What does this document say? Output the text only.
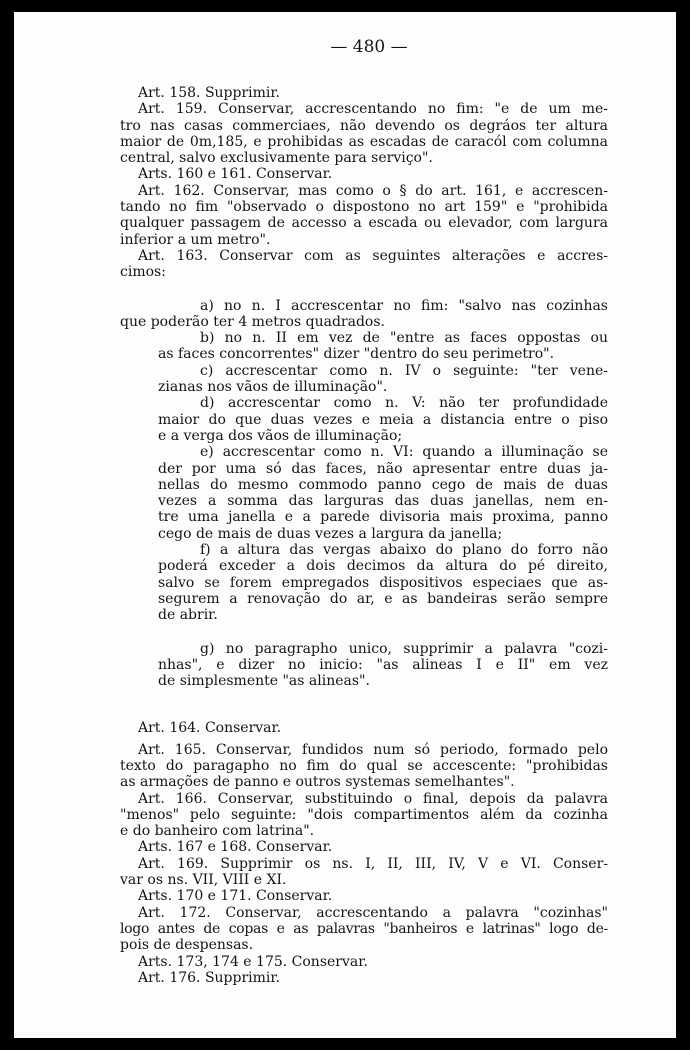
— 480 —

Art. 158. Supprimir.

Art. 159. Conservar, accrescentando no fim: "e de um me-

tro nas casas commerciaes, não devendo os degráos ter altura

maior de 0m,185, e prohibidas as escadas de caracól com columna

central, salvo exclusivamente para serviço".

Arts. 160 e 161. Conservar.

Art. 162. Conservar, mas como o § do art. 161, e accrescen-

tando no fim "observado o dispostono no art 159" e "prohibida

qualquer passagem de accesso a escada ou elevador, com largura

inferior a um metro".

Art. 163. Conservar com as seguintes alterações e accres-

cimos:

a) no n. I accrescentar no fim: "salvo nas cozinhas

que poderão ter 4 metros quadrados.

b) no n. II em vez de "entre as faces oppostas ou

as faces concorrentes" dizer "dentro do seu perimetro".

c) accrescentar como n. IV o seguinte: "ter vene-

zianas nos vãos de illuminação".

d) accrescentar como n. V: não ter profundidade

maior do que duas vezes e meia a distancia entre o piso

e a verga dos vãos de illuminação;

e) accrescentar como n. VI: quando a illuminação se

der por uma só das faces, não apresentar entre duas ja-

nellas do mesmo commodo panno cego de mais de duas

vezes a somma das larguras das duas janellas, nem en-

tre uma janella e a parede divisoria mais proxima, panno

cego de mais de duas vezes a largura da janella;

f) a altura das vergas abaixo do plano do forro não

poderá exceder a dois decimos da altura do pé direito,

salvo se forem empregados dispositivos especiaes que as-

segurem a renovação do ar, e as bandeiras serão sempre

de abrir.

g) no paragrapho unico, supprimir a palavra "cozi-

nhas", e dizer no inicio: "as alineas I e II" em vez

de simplesmente "as alineas".

Art. 164. Conservar.

Art. 165. Conservar, fundidos num só periodo, formado pelo

texto do paragapho no fim do qual se accescente: "prohibidas

as armações de panno e outros systemas semelhantes".

Art. 166. Conservar, substituindo o final, depois da palavra

"menos" pelo seguinte: "dois compartimentos além da cozinha

e do banheiro com latrina".

Arts. 167 e 168. Conservar.

Art. 169. Supprimir os ns. I, II, III, IV, V e VI. Conser-

var os ns. VII, VIII e XI.

Arts. 170 e 171. Conservar.

Art. 172. Conservar, accrescentando a palavra "cozinhas"

logo antes de copas e as palavras "banheiros e latrinas" logo de-

pois de despensas.

Arts. 173, 174 e 175. Conservar.

Art. 176. Supprimir.
